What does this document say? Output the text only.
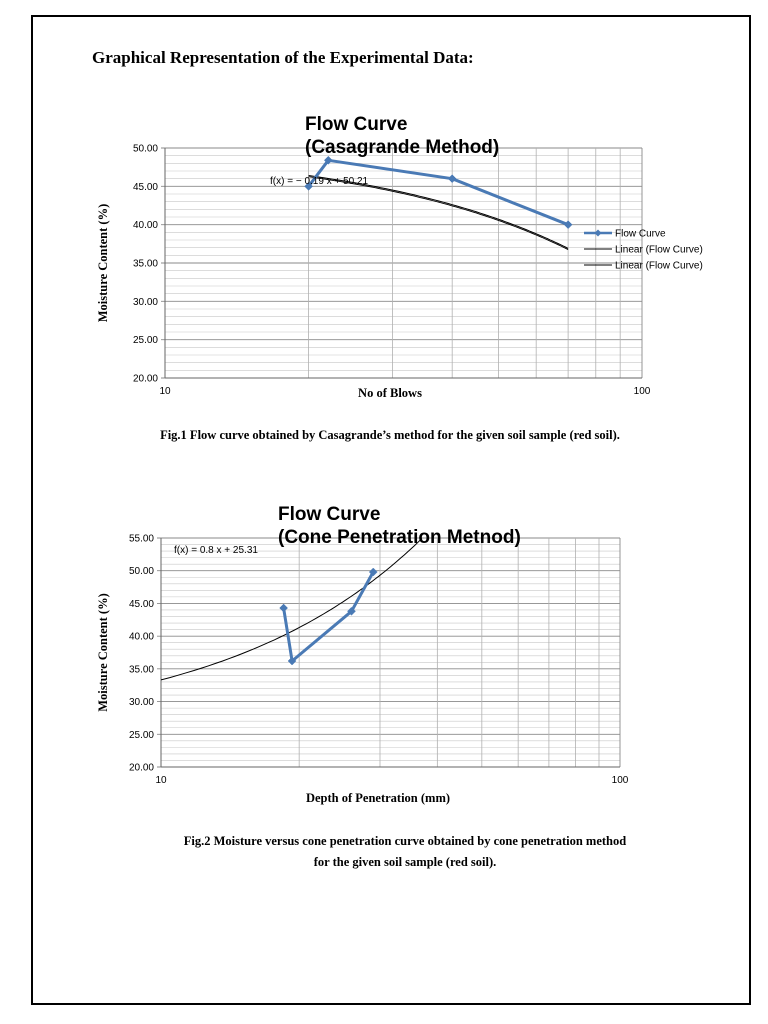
Graphical Representation of the Experimental Data:
20.00
25.00
30.00
35.00
40.00
45.00
50.00
10	100
No of Blows
Moisture Content (%)
f(x) = − 0.19 x + 50.21
Flow Curve
(Casagrande Method)
Flow Curve
Linear (Flow Curve)
Linear (Flow Curve)
20.00
25.00
30.00
35.00
40.00
45.00
50.00
55.00
10	100
Depth of Penetration (mm)
Moisture Content (%)
f(x) = 0.8 x + 25.31
Flow Curve
(Cone Penetration Metnod)
Fig.1 Flow curve obtained by Casagrande’s method for the given soil sample (red soil).
Fig.2 Moisture versus cone penetration curve obtained by cone penetration method
for the given soil sample (red soil).
